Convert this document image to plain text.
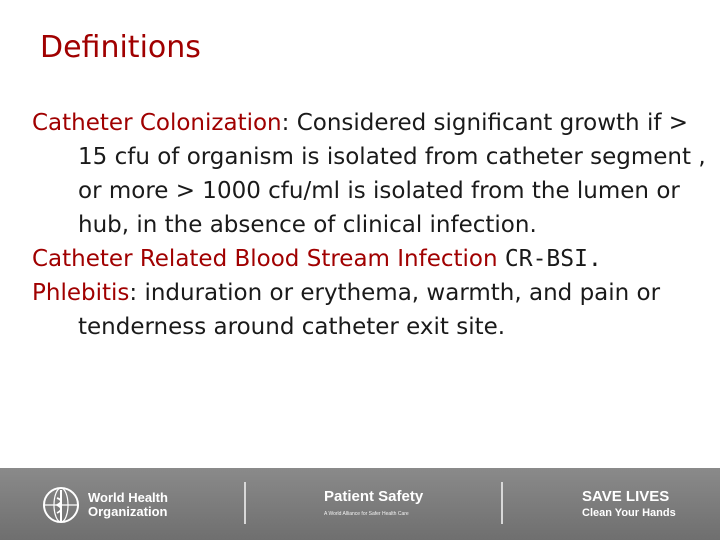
Definitions

Catheter Colonization: Considered significant growth if > 15 cfu of organism is isolated from catheter segment , or more > 1000 cfu/ml is isolated from the lumen or hub, in the absence of clinical infection.

Catheter Related Blood Stream Infection CR-BSI.

Phlebitis: induration or erythema, warmth, and pain or tenderness around catheter exit site.

World Health
Organization
Patient Safety
A World Alliance for Safer Health Care
SAVE LIVES
Clean Your Hands
